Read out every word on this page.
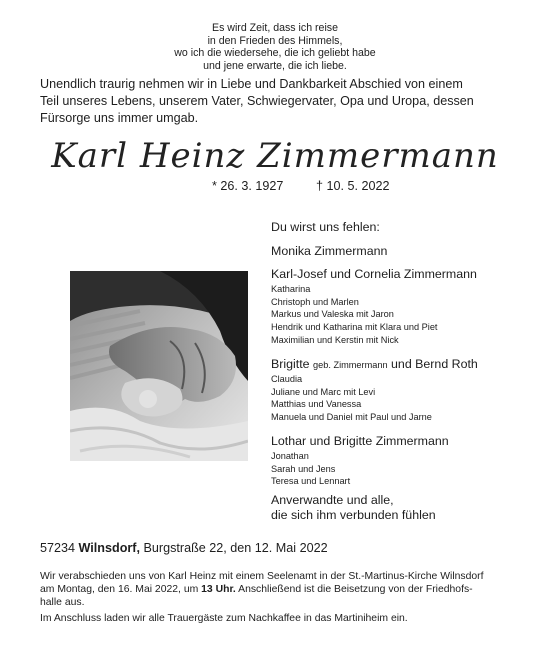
Es wird Zeit, dass ich reise
in den Frieden des Himmels,
wo ich die wiedersehe, die ich geliebt habe
und jene erwarte, die ich liebe.
Unendlich traurig nehmen wir in Liebe und Dankbarkeit Abschied von einem
Teil unseres Lebens, unserem Vater, Schwiegervater, Opa und Uropa, dessen
Fürsorge uns immer umgab.
Karl Heinz Zimmermann
* 26. 3. 1927	† 10. 5. 2022
Du wirst uns fehlen:
Monika Zimmermann
Karl-Josef und Cornelia Zimmermann
Katharina
Christoph und Marlen
Markus und Valeska mit Jaron
Hendrik und Katharina mit Klara und Piet
Maximilian und Kerstin mit Nick
Brigitte geb. Zimmermann und Bernd Roth
Claudia
Juliane und Marc mit Levi
Matthias und Vanessa
Manuela und Daniel mit Paul und Jarne
Lothar und Brigitte Zimmermann
Jonathan
Sarah und Jens
Teresa und Lennart
Anverwandte und alle,
die sich ihm verbunden fühlen
57234 Wilnsdorf, Burgstraße 22, den 12. Mai 2022
Wir verabschieden uns von Karl Heinz mit einem Seelenamt in der St.-Martinus-Kirche Wilnsdorf
am Montag, den 16. Mai 2022, um 13 Uhr. Anschließend ist die Beisetzung von der Friedhofs-
halle aus.
Im Anschluss laden wir alle Trauergäste zum Nachkaffee in das Martiniheim ein.
